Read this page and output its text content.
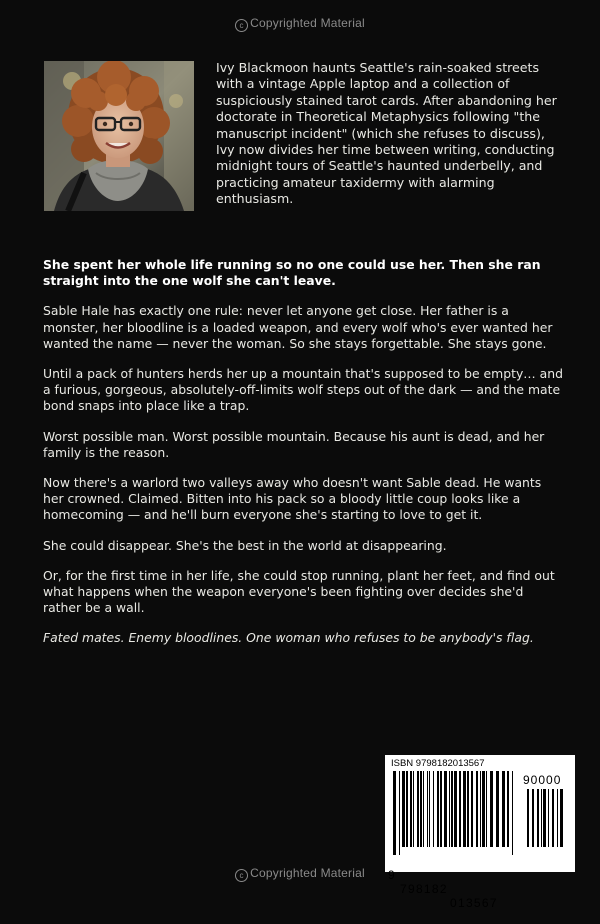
c Copyrighted Material
Ivy Blackmoon haunts Seattle's rain-soaked streets with a vintage Apple laptop and a collection of suspiciously stained tarot cards. After abandoning her doctorate in Theoretical Metaphysics following "the manuscript incident" (which she refuses to discuss), Ivy now divides her time between writing, conducting midnight tours of Seattle's haunted underbelly, and practicing amateur taxidermy with alarming enthusiasm.

She spent her whole life running so no one could use her. Then she ran straight into the one wolf she can't leave.

Sable Hale has exactly one rule: never let anyone get close. Her father is a monster, her bloodline is a loaded weapon, and every wolf who's ever wanted her wanted the name — never the woman. So she stays forgettable. She stays gone.

Until a pack of hunters herds her up a mountain that's supposed to be empty… and a furious, gorgeous, absolutely-off-limits wolf steps out of the dark — and the mate bond snaps into place like a trap.

Worst possible man. Worst possible mountain. Because his aunt is dead, and her family is the reason.

Now there's a warlord two valleys away who doesn't want Sable dead. He wants her crowned. Claimed. Bitten into his pack so a bloody little coup looks like a homecoming — and he'll burn everyone she's starting to love to get it.

She could disappear. She's the best in the world at disappearing.

Or, for the first time in her life, she could stop running, plant her feet, and find out what happens when the weapon everyone's been fighting over decides she'd rather be a wall.

Fated mates. Enemy bloodlines. One woman who refuses to be anybody's flag.

ISBN 9798182013567
90000

9

798182

013567

c Copyrighted Material
